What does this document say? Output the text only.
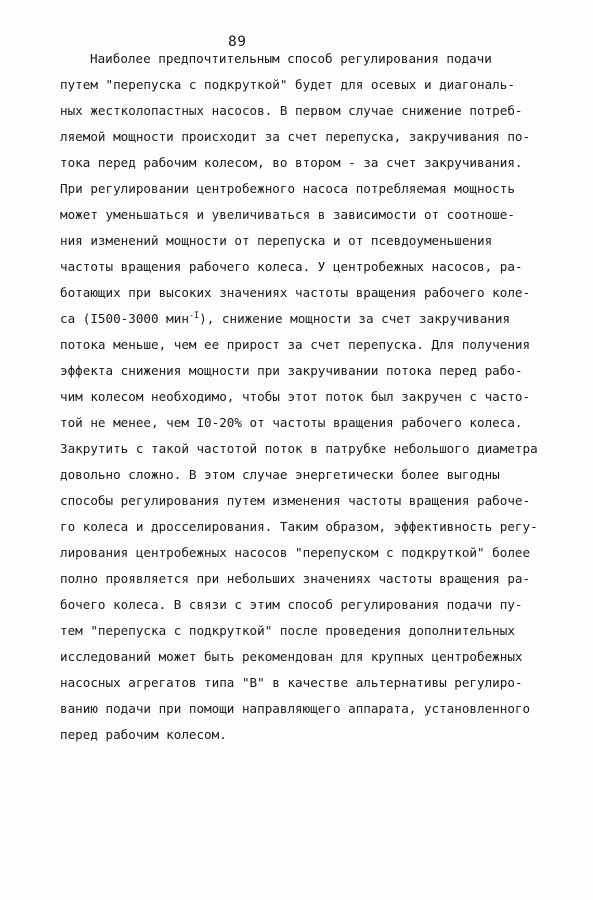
89
Наиболее предпочтительным способ регулирования подачи
путем "перепуска с подкруткой" будет для осевых и диагональ-
ных жестколопастных насосов. В первом случае снижение потреб-
ляемой мощности происходит за счет перепуска, закручивания по-
тока перед рабочим колесом, во втором - за счет закручивания.
При регулировании центробежного насоса потребляемая мощность
может уменьшаться и увеличиваться в зависимости от соотноше-
ния изменений мощности от перепуска и от псевдоуменьшения
частоты вращения рабочего колеса. У центробежных насосов, ра-
ботающих при высоких значениях частоты вращения рабочего коле-
са (I500-3000 мин$^{-I}$), снижение мощности за счет закручивания
потока меньше, чем ее прирост за счет перепуска. Для получения
эффекта снижения мощности при закручивании потока перед рабо-
чим колесом необходимо, чтобы этот поток был закручен с часто-
той не менее, чем I0-20% от частоты вращения рабочего колеса.
Закрутить с такой частотой поток в патрубке небольшого диаметра
довольно сложно. В этом случае энергетически более выгодны
способы регулирования путем изменения частоты вращения рабоче-
го колеса и дросселирования. Таким образом, эффективность регу-
лирования центробежных насосов "перепуском с подкруткой" более
полно проявляется при небольших значениях частоты вращения ра-
бочего колеса. В связи с этим способ регулирования подачи пу-
тем "перепуска с подкруткой" после проведения дополнительных
исследований может быть рекомендован для крупных центробежных
насосных агрегатов типа "В" в качестве альтернативы регулиро-
ванию подачи при помощи направляющего аппарата, установленного
перед рабочим колесом.
